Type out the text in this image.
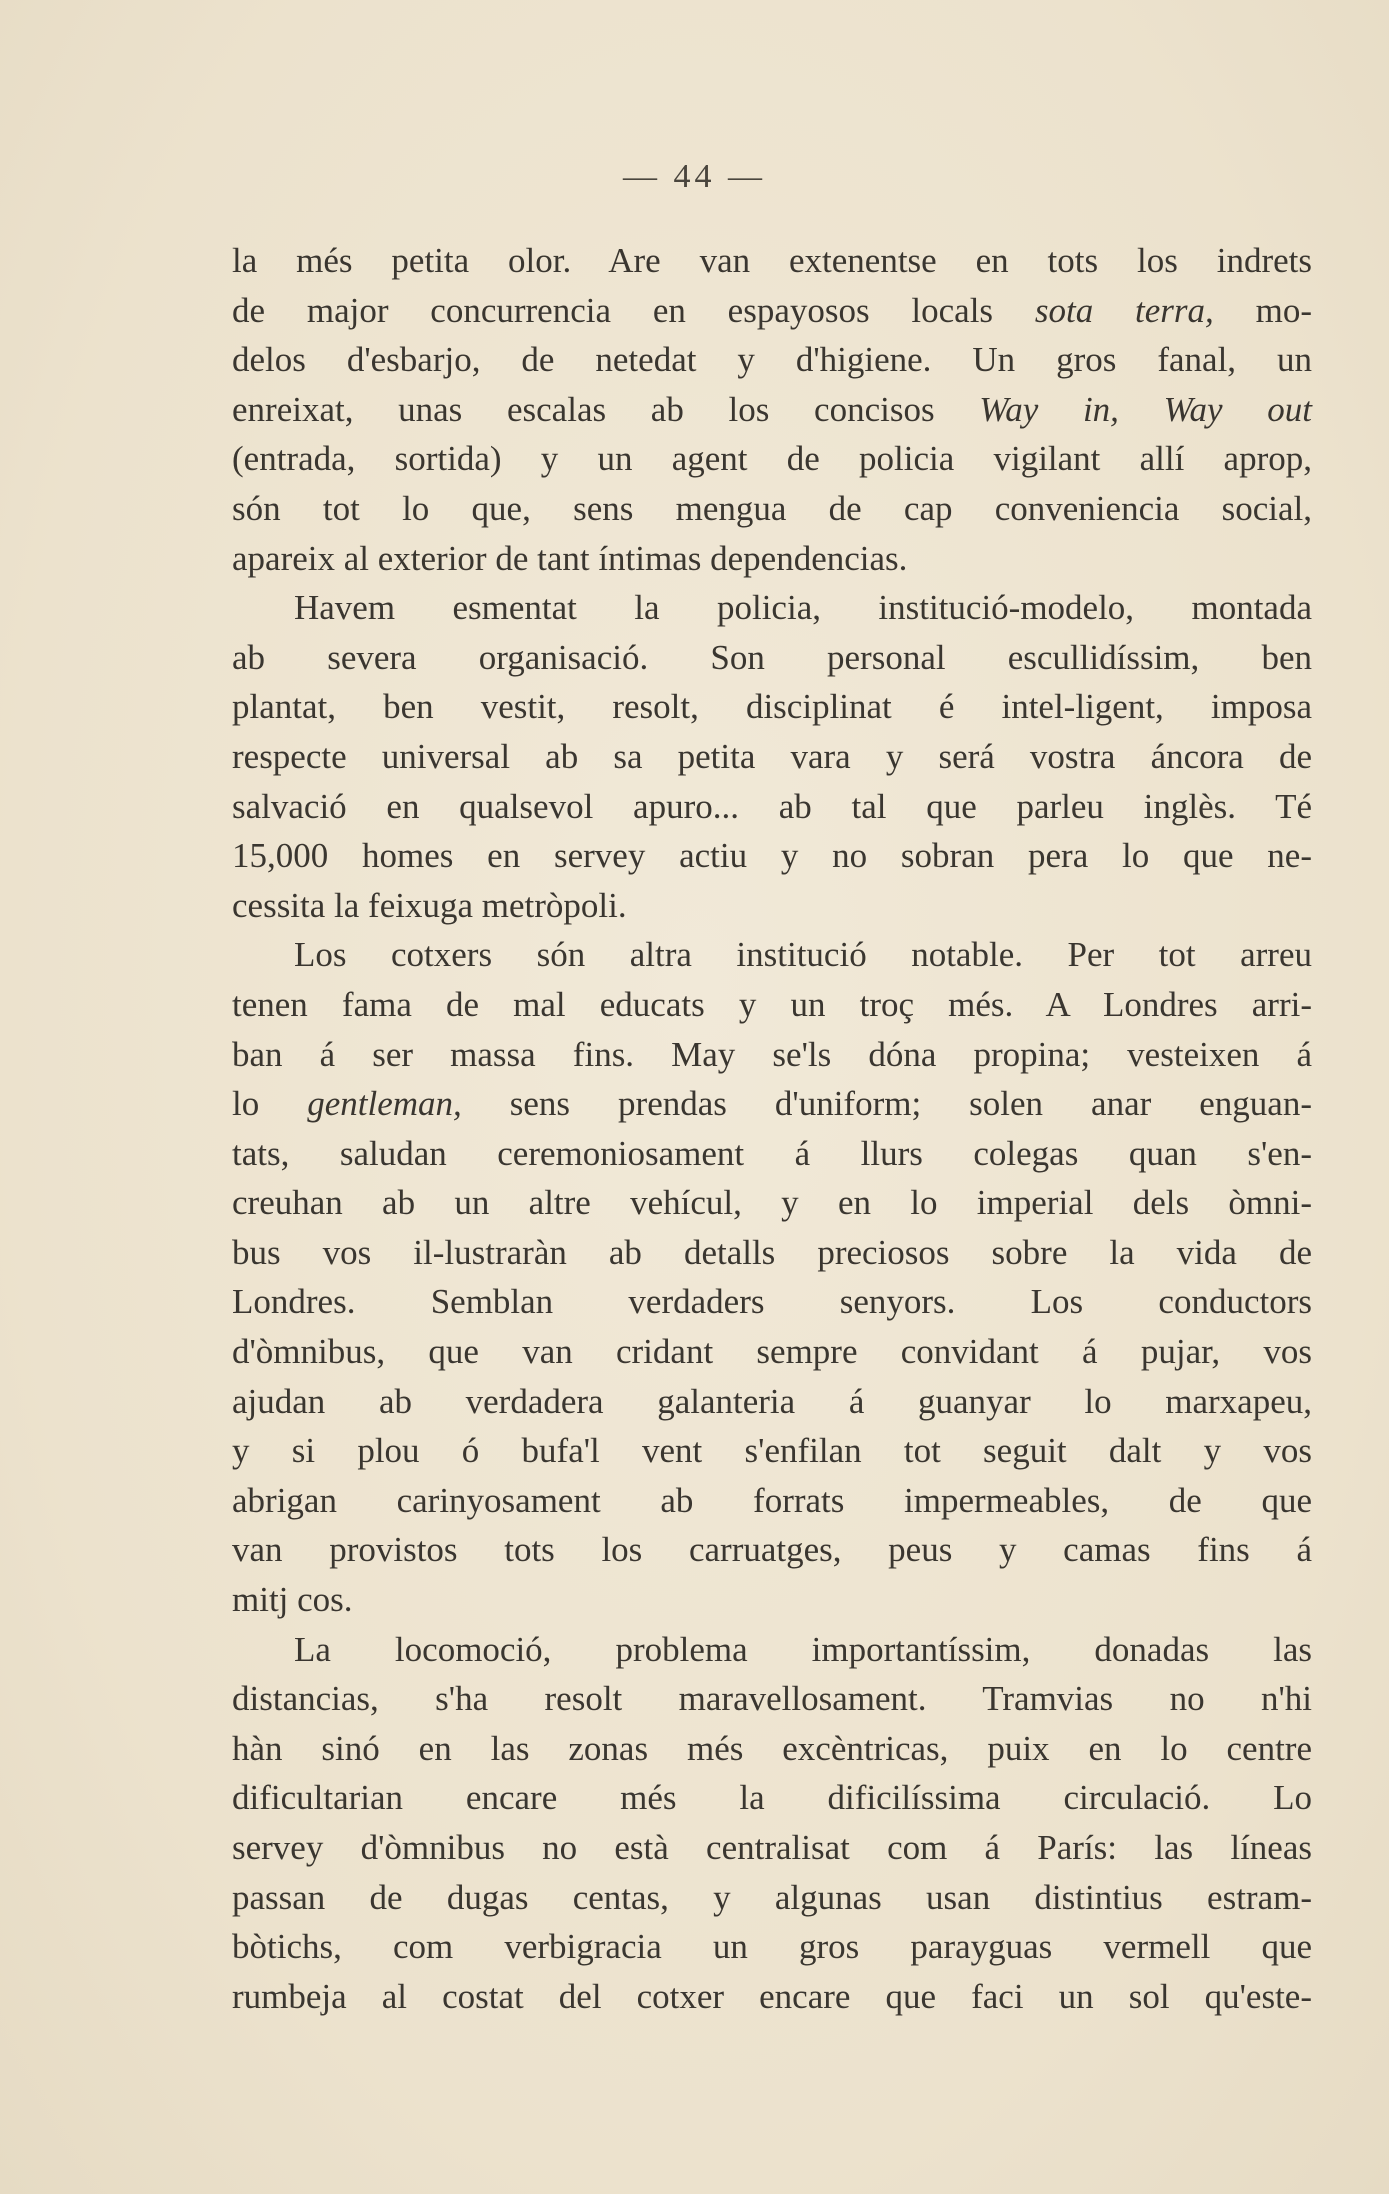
— 44 —
la més petita olor. Are van extenentse en tots los indrets
de major concurrencia en espayosos locals sota terra, mo-
delos d'esbarjo, de netedat y d'higiene. Un gros fanal, un
enreixat, unas escalas ab los concisos Way in, Way out
(entrada, sortida) y un agent de policia vigilant allí aprop,
són tot lo que, sens mengua de cap conveniencia social,
apareix al exterior de tant íntimas dependencias.
Havem esmentat la policia, institució-modelo, montada
ab severa organisació. Son personal escullidíssim, ben
plantat, ben vestit, resolt, disciplinat é intel-ligent, imposa
respecte universal ab sa petita vara y será vostra áncora de
salvació en qualsevol apuro... ab tal que parleu inglès. Té
15,000 homes en servey actiu y no sobran pera lo que ne-
cessita la feixuga metròpoli.
Los cotxers són altra institució notable. Per tot arreu
tenen fama de mal educats y un troç més. A Londres arri-
ban á ser massa fins. May se'ls dóna propina; vesteixen á
lo gentleman, sens prendas d'uniform; solen anar enguan-
tats, saludan ceremoniosament á llurs colegas quan s'en-
creuhan ab un altre vehícul, y en lo imperial dels òmni-
bus vos il-lustraràn ab detalls preciosos sobre la vida de
Londres. Semblan verdaders senyors. Los conductors
d'òmnibus, que van cridant sempre convidant á pujar, vos
ajudan ab verdadera galanteria á guanyar lo marxapeu,
y si plou ó bufa'l vent s'enfilan tot seguit dalt y vos
abrigan carinyosament ab forrats impermeables, de que
van provistos tots los carruatges, peus y camas fins á
mitj cos.
La locomoció, problema importantíssim, donadas las
distancias, s'ha resolt maravellosament. Tramvias no n'hi
hàn sinó en las zonas més excèntricas, puix en lo centre
dificultarian encare més la dificilíssima circulació. Lo
servey d'òmnibus no està centralisat com á París: las líneas
passan de dugas centas, y algunas usan distintius estram-
bòtichs, com verbigracia un gros parayguas vermell que
rumbeja al costat del cotxer encare que faci un sol qu'este-
